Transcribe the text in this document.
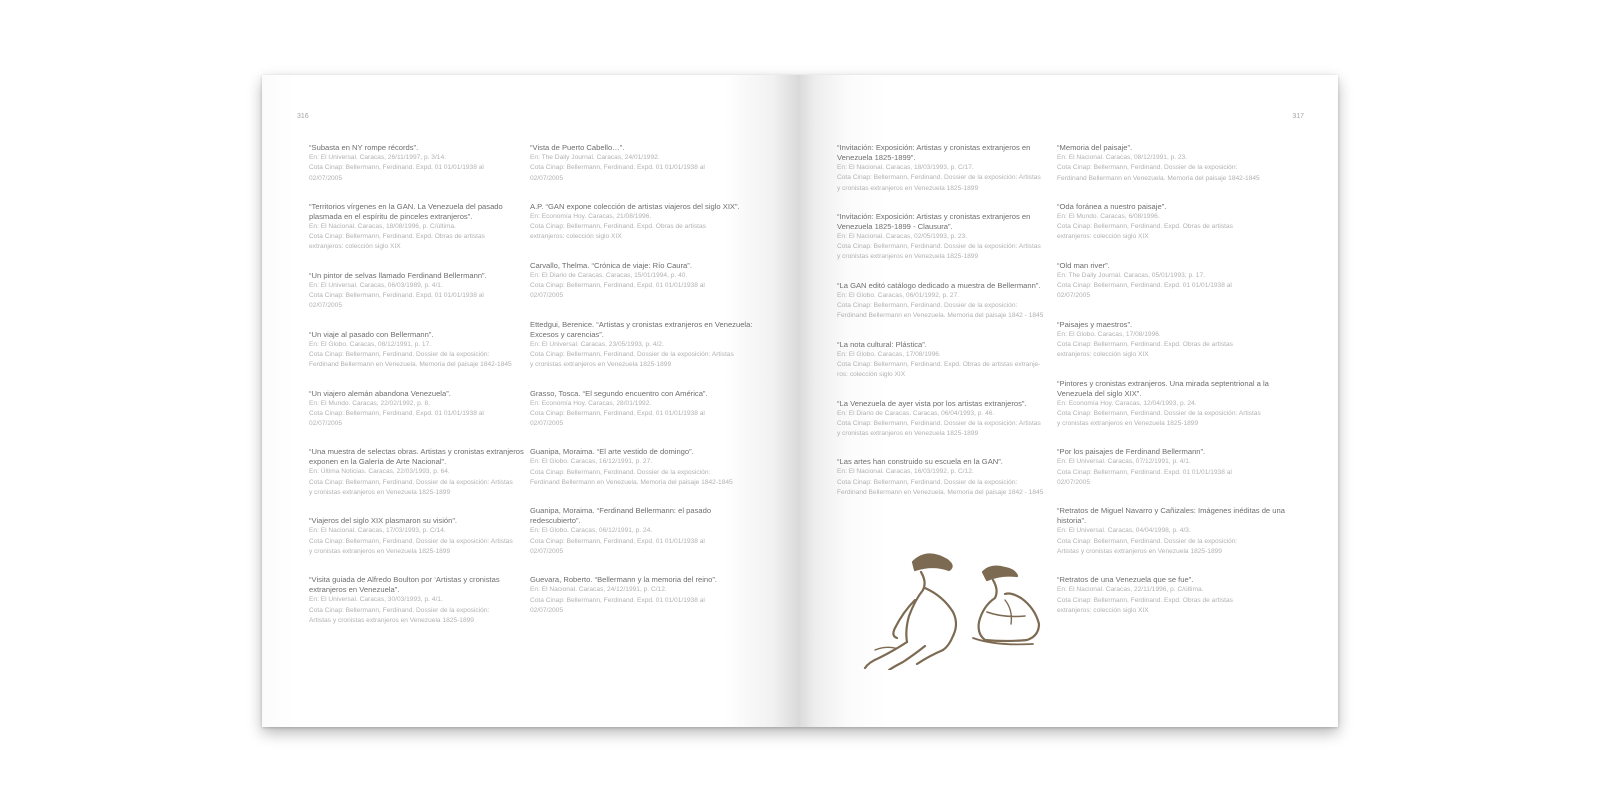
316

“Subasta en NY rompe récords”.

En: El Universal. Caracas, 26/11/1997, p. 3/14.

Cota Cinap: Bellermann, Ferdinand. Expd. 01 01/01/1938 al

02/07/2005

“Territorios vírgenes en la GAN. La Venezuela del pasado plasmada en el espíritu de pinceles extranjeros”.

En: El Nacional. Caracas, 18/08/1996, p. C/última.

Cota Cinap: Bellermann, Ferdinand. Expd. Obras de artistas

extranjeros: colección siglo XIX

“Un pintor de selvas llamado Ferdinand Bellermann”.

En: El Universal. Caracas, 06/03/1989, p. 4/1.

Cota Cinap: Bellermann, Ferdinand. Expd. 01 01/01/1938 al

02/07/2005

“Un viaje al pasado con Bellermann”.

En: El Globo. Caracas, 08/12/1991, p. 17.

Cota Cinap: Bellermann, Ferdinand. Dossier de la exposición:

Ferdinand Bellermann en Venezuela. Memoria del paisaje 1842-1845

“Un viajero alemán abandona Venezuela”.

En: El Mundo. Caracas, 22/02/1992, p. 8.

Cota Cinap: Bellermann, Ferdinand. Expd. 01 01/01/1938 al

02/07/2005

“Una muestra de selectas obras. Artistas y cronistas extranjeros exponen en la Galería de Arte Nacional”.

En: Última Noticias. Caracas, 22/03/1993, p. 64.

Cota Cinap: Bellermann, Ferdinand. Dossier de la exposición: Artistas

y cronistas extranjeros en Venezuela 1825-1899

“Viajeros del siglo XIX plasmaron su visión”.

En: El Nacional. Caracas, 17/03/1993, p. C/14.

Cota Cinap: Bellermann, Ferdinand. Dossier de la exposición: Artistas

y cronistas extranjeros en Venezuela 1825-1899

“Visita guiada de Alfredo Boulton por ‘Artistas y cronistas extranjeros en Venezuela”.

En: El Universal. Caracas, 30/03/1993, p. 4/1.

Cota Cinap: Bellermann, Ferdinand. Dossier de la exposición:

Artistas y cronistas extranjeros en Venezuela 1825-1899

“Vista de Puerto Cabello…”.

En: The Daily Journal. Caracas, 24/01/1992.

Cota Cinap: Bellermann, Ferdinand. Expd. 01 01/01/1938 al

02/07/2005

A.P. “GAN expone colección de artistas viajeros del siglo XIX”.

En: Economía Hoy. Caracas, 21/08/1996.

Cota Cinap: Bellermann, Ferdinand. Expd. Obras de artistas

extranjeros: colección siglo XIX

Carvallo, Thelma. “Crónica de viaje: Río Caura”.

En: El Diario de Caracas. Caracas, 15/01/1994, p. 40.

Cota Cinap: Bellermann, Ferdinand. Expd. 01 01/01/1938 al

02/07/2005

Ettedgui, Berenice. “Artistas y cronistas extranjeros en Venezuela: Excesos y carencias”.

En: El Universal. Caracas, 23/05/1993, p. 4/2.

Cota Cinap: Bellermann, Ferdinand. Dossier de la exposición: Artistas

y cronistas extranjeros en Venezuela 1825-1899

Grasso, Tosca. “El segundo encuentro con América”.

En: Economía Hoy. Caracas, 28/01/1992.

Cota Cinap: Bellermann, Ferdinand. Expd. 01 01/01/1938 al

02/07/2005

Guanipa, Moraima. “El arte vestido de domingo”.

En: El Globo. Caracas, 16/12/1991, p. 27.

Cota Cinap: Bellermann, Ferdinand. Dossier de la exposición:

Ferdinand Bellermann en Venezuela. Memoria del paisaje 1842-1845

Guanipa, Moraima. “Ferdinand Bellermann: el pasado redescubierto”.

En: El Globo. Caracas, 06/12/1991, p. 24.

Cota Cinap: Bellermann, Ferdinand. Expd. 01 01/01/1938 al

02/07/2005

Guevara, Roberto. “Bellermann y la memoria del reino”.

En: El Nacional. Caracas, 24/12/1991, p. C/12.

Cota Cinap: Bellermann, Ferdinand. Expd. 01 01/01/1938 al

02/07/2005

317

“Invitación: Exposición: Artistas y cronistas extranjeros en Venezuela 1825-1899”.

En: El Nacional. Caracas, 18/03/1993, p. C/17.

Cota Cinap: Bellermann, Ferdinand. Dossier de la exposición: Artistas

y cronistas extranjeros en Venezuela 1825-1899

“Invitación: Exposición: Artistas y cronistas extranjeros en Venezuela 1825-1899 - Clausura”.

En: El Nacional. Caracas, 02/05/1993, p. 23.

Cota Cinap: Bellermann, Ferdinand. Dossier de la exposición: Artistas

y cronistas extranjeros en Venezuela 1825-1899

“La GAN editó catálogo dedicado a muestra de Bellermann”.

En: El Globo. Caracas, 06/01/1992, p. 27.

Cota Cinap: Bellermann, Ferdinand. Dossier de la exposición:

Ferdinand Bellermann en Venezuela. Memoria del paisaje 1842 - 1845

“La nota cultural: Plástica”.

En: El Globo. Caracas, 17/08/1996.

Cota Cinap: Bellermann, Ferdinand. Expd. Obras de artistas extranje-

ros: colección siglo XIX

“La Venezuela de ayer vista por los artistas extranjeros”.

En: El Diario de Caracas. Caracas, 06/04/1993, p. 46.

Cota Cinap: Bellermann, Ferdinand. Dossier de la exposición: Artistas

y cronistas extranjeros en Venezuela 1825-1899

“Las artes han construido su escuela en la GAN”.

En: El Nacional. Caracas, 16/03/1992, p. C/12.

Cota Cinap: Bellermann, Ferdinand. Dossier de la exposición:

Ferdinand Bellermann en Venezuela. Memoria del paisaje 1842 - 1845

“Memoria del paisaje”.

En: El Nacional. Caracas, 08/12/1991, p. 23.

Cota Cinap: Bellermann, Ferdinand. Dossier de la exposición:

Ferdinand Bellermann en Venezuela. Memoria del paisaje 1842-1845

“Oda foránea a nuestro paisaje”.

En: El Mundo. Caracas, 6/08/1996.

Cota Cinap: Bellermann, Ferdinand. Expd. Obras de artistas

extranjeros: colección siglo XIX

“Old man river”.

En: The Daily Journal. Caracas, 05/01/1993, p. 17.

Cota Cinap: Bellermann, Ferdinand. Expd. 01 01/01/1938 al

02/07/2005

“Paisajes y maestros”.

En: El Globo. Caracas, 17/08/1996.

Cota Cinap: Bellermann, Ferdinand. Expd. Obras de artistas

extranjeros: colección siglo XIX

“Pintores y cronistas extranjeros. Una mirada septentrional a la Venezuela del siglo XIX”.

En: Economía Hoy. Caracas, 12/04/1993, p. 24.

Cota Cinap: Bellermann, Ferdinand. Dossier de la exposición: Artistas

y cronistas extranjeros en Venezuela 1825-1899

“Por los paisajes de Ferdinand Bellermann”.

En: El Universal. Caracas, 07/12/1991, p. 4/1.

Cota Cinap: Bellermann, Ferdinand. Expd. 01 01/01/1938 al

02/07/2005

“Retratos de Miguel Navarro y Cañizales: Imágenes inéditas de una historia”.

En: El Universal. Caracas, 04/04/1998, p. 4/3.

Cota Cinap: Bellermann, Ferdinand. Dossier de la exposición:

Artistas y cronistas extranjeros en Venezuela 1825-1899

“Retratos de una Venezuela que se fue”.

En: El Nacional. Caracas, 22/11/1996, p. C/última.

Cota Cinap: Bellermann, Ferdinand. Expd. Obras de artistas

extranjeros: colección siglo XIX
